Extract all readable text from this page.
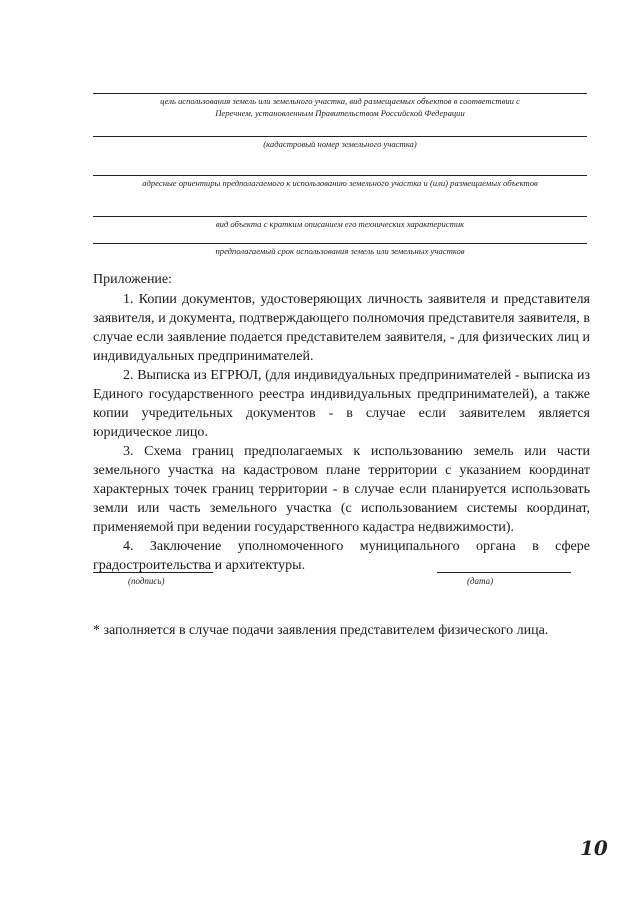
цель использования земель или земельного участка, вид размещаемых объектов в соответствии с
Перечнем, установленным Правительством Российской Федерации
(кадастровый номер земельного участка)
адресные ориентиры предполагаемого к использованию земельного участка и (или) размещаемых объектов
вид объекта с кратким описанием его технических характеристик
предполагаемый срок использования земель или земельных участков

Приложение:

1. Копии документов, удостоверяющих личность заявителя и представителя заявителя, и документа, подтверждающего полномочия представителя заявителя, в случае если заявление подается представителем заявителя, - для физических лиц и индивидуальных предпринимателей.

2. Выписка из ЕГРЮЛ, (для индивидуальных предпринимателей - выписка из Единого государственного реестра индивидуальных предпринимателей), а также копии учредительных документов - в случае если заявителем является юридическое лицо.

3. Схема границ предполагаемых к использованию земель или части земельного участка на кадастровом плане территории с указанием координат характерных точек границ территории - в случае если планируется использовать земли или часть земельного участка (с использованием системы координат, применяемой при ведении государственного кадастра недвижимости).

4. Заключение уполномоченного муниципального органа в сфере градостроительства и архитектуры.

(подпись)	(дата)
* заполняется в случае подачи заявления представителем физического лица.
10
